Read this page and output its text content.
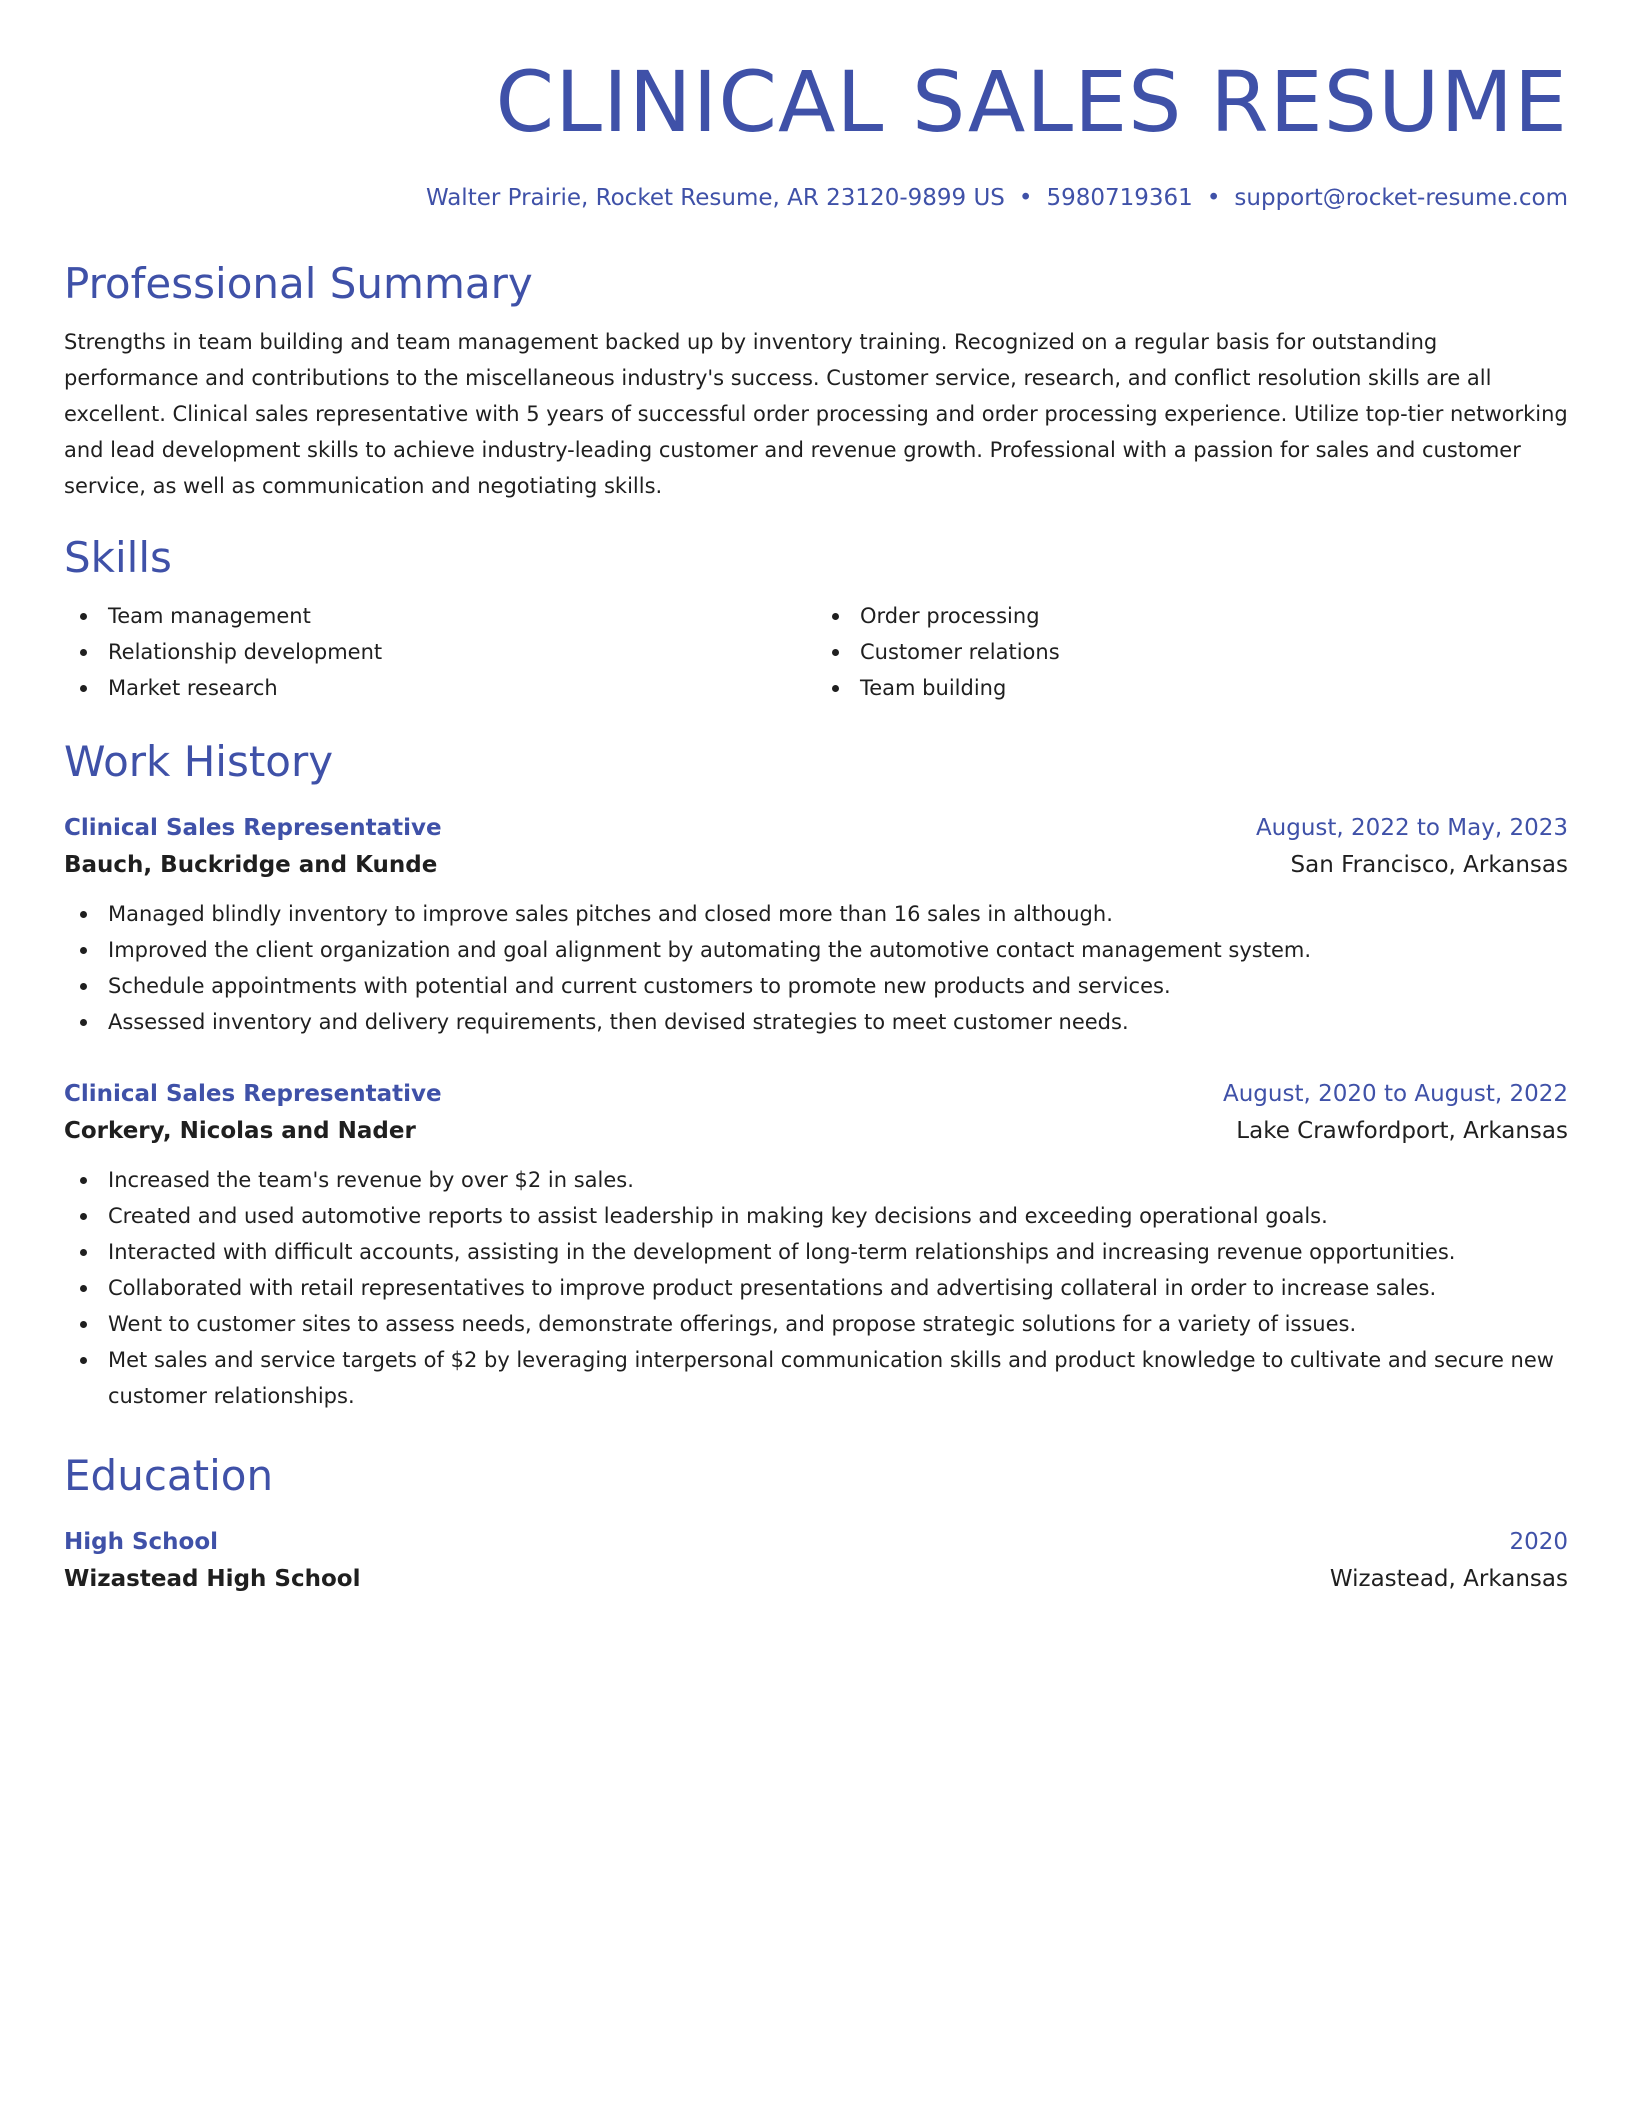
CLINICAL SALES RESUME
Walter Prairie, Rocket Resume, AR 23120-9899 US • 5980719361 • support@rocket-resume.com
Professional Summary
Strengths in team building and team management backed up by inventory training. Recognized on a regular basis for outstanding performance and contributions to the miscellaneous industry's success. Customer service, research, and conflict resolution skills are all excellent. Clinical sales representative with 5 years of successful order processing and order processing experience. Utilize top-tier networking and lead development skills to achieve industry-leading customer and revenue growth. Professional with a passion for sales and customer service, as well as communication and negotiating skills.
Skills
Team management
Relationship development
Market research
Order processing
Customer relations
Team building
Work History
Clinical Sales Representative	August, 2022 to May, 2023
Bauch, Buckridge and Kunde	San Francisco, Arkansas
Managed blindly inventory to improve sales pitches and closed more than 16 sales in although.
Improved the client organization and goal alignment by automating the automotive contact management system.
Schedule appointments with potential and current customers to promote new products and services.
Assessed inventory and delivery requirements, then devised strategies to meet customer needs.
Clinical Sales Representative	August, 2020 to August, 2022
Corkery, Nicolas and Nader	Lake Crawfordport, Arkansas
Increased the team's revenue by over $2 in sales.
Created and used automotive reports to assist leadership in making key decisions and exceeding operational goals.
Interacted with difficult accounts, assisting in the development of long-term relationships and increasing revenue opportunities.
Collaborated with retail representatives to improve product presentations and advertising collateral in order to increase sales.
Went to customer sites to assess needs, demonstrate offerings, and propose strategic solutions for a variety of issues.
Met sales and service targets of $2 by leveraging interpersonal communication skills and product knowledge to cultivate and secure new customer relationships.
Education
High School	2020
Wizastead High School	Wizastead, Arkansas
